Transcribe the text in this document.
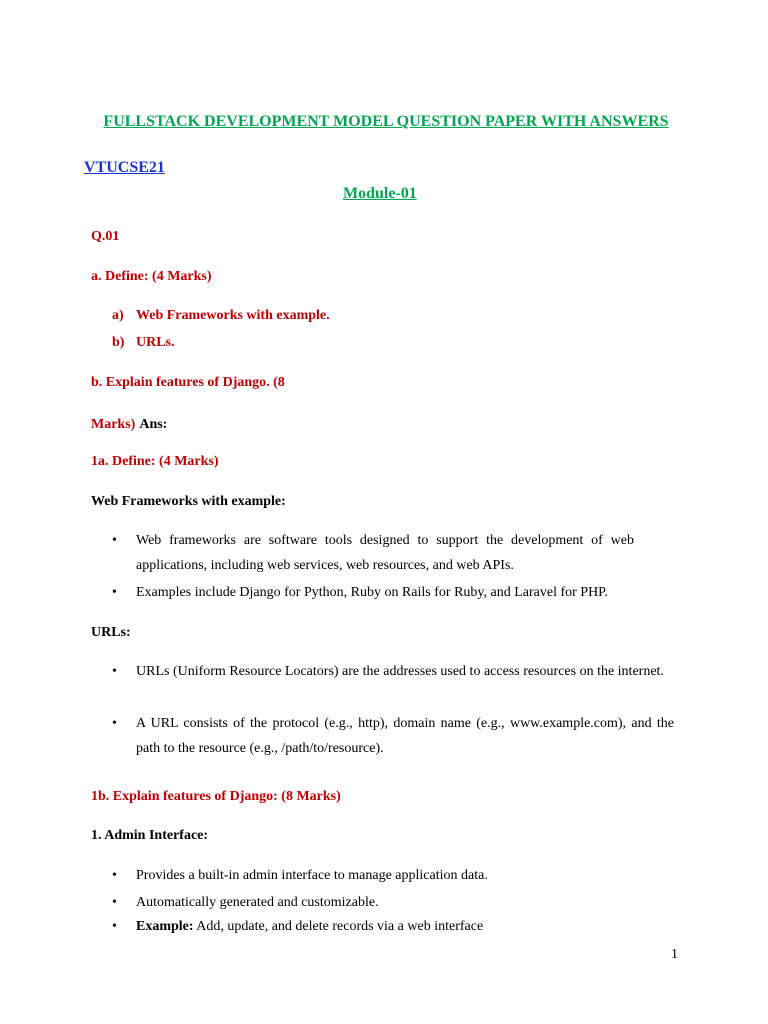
FULLSTACK DEVELOPMENT MODEL QUESTION PAPER WITH ANSWERS
VTUCSE21
Module-01
Q.01
a. Define: (4 Marks)
a) Web Frameworks with example.
b) URLs.
b. Explain features of Django. (8
Marks) Ans:
1a. Define: (4 Marks)
Web Frameworks with example:
• Web frameworks are software tools designed to support the development of web applications, including web services, web resources, and web APIs.
• Examples include Django for Python, Ruby on Rails for Ruby, and Laravel for PHP.
URLs:
• URLs (Uniform Resource Locators) are the addresses used to access resources on the internet.
• A URL consists of the protocol (e.g., http), domain name (e.g., www.example.com), and the path to the resource (e.g., /path/to/resource).
1b. Explain features of Django: (8 Marks)
1. Admin Interface:
• Provides a built-in admin interface to manage application data.
• Automatically generated and customizable.
• Example: Add, update, and delete records via a web interface
1
